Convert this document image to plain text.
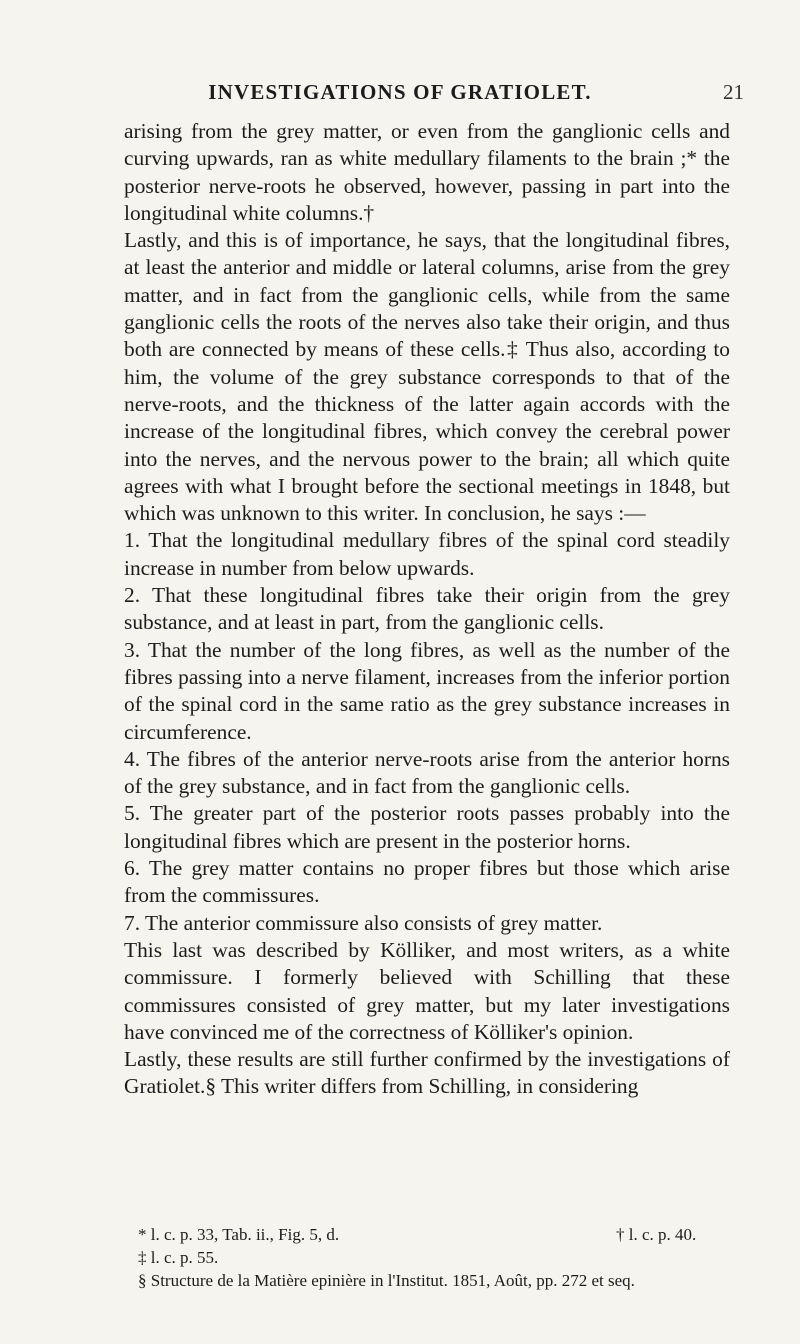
INVESTIGATIONS OF GRATIOLET.	21

arising from the grey matter, or even from the ganglionic cells and curving upwards, ran as white medullary filaments to the brain ;* the posterior nerve-roots he observed, however, passing in part into the longitudinal white columns.†

Lastly, and this is of importance, he says, that the longitudinal fibres, at least the anterior and middle or lateral columns, arise from the grey matter, and in fact from the ganglionic cells, while from the same ganglionic cells the roots of the nerves also take their origin, and thus both are connected by means of these cells.‡ Thus also, according to him, the volume of the grey substance corresponds to that of the nerve-roots, and the thickness of the latter again accords with the increase of the longitudinal fibres, which convey the cerebral power into the nerves, and the nervous power to the brain; all which quite agrees with what I brought before the sectional meetings in 1848, but which was unknown to this writer. In conclusion, he says :—

1. That the longitudinal medullary fibres of the spinal cord steadily increase in number from below upwards.

2. That these longitudinal fibres take their origin from the grey substance, and at least in part, from the ganglionic cells.

3. That the number of the long fibres, as well as the number of the fibres passing into a nerve filament, increases from the inferior portion of the spinal cord in the same ratio as the grey substance increases in circumference.

4. The fibres of the anterior nerve-roots arise from the anterior horns of the grey substance, and in fact from the ganglionic cells.

5. The greater part of the posterior roots passes probably into the longitudinal fibres which are present in the posterior horns.

6. The grey matter contains no proper fibres but those which arise from the commissures.

7. The anterior commissure also consists of grey matter.

This last was described by Kölliker, and most writers, as a white commissure. I formerly believed with Schilling that these commissures consisted of grey matter, but my later investigations have convinced me of the correctness of Kölliker's opinion.

Lastly, these results are still further confirmed by the investigations of Gratiolet.§ This writer differs from Schilling, in considering

* l. c. p. 33, Tab. ii., Fig. 5, d.	† l. c. p. 40.
‡ l. c. p. 55.
§ Structure de la Matière epinière in l'Institut. 1851, Août, pp. 272 et seq.
